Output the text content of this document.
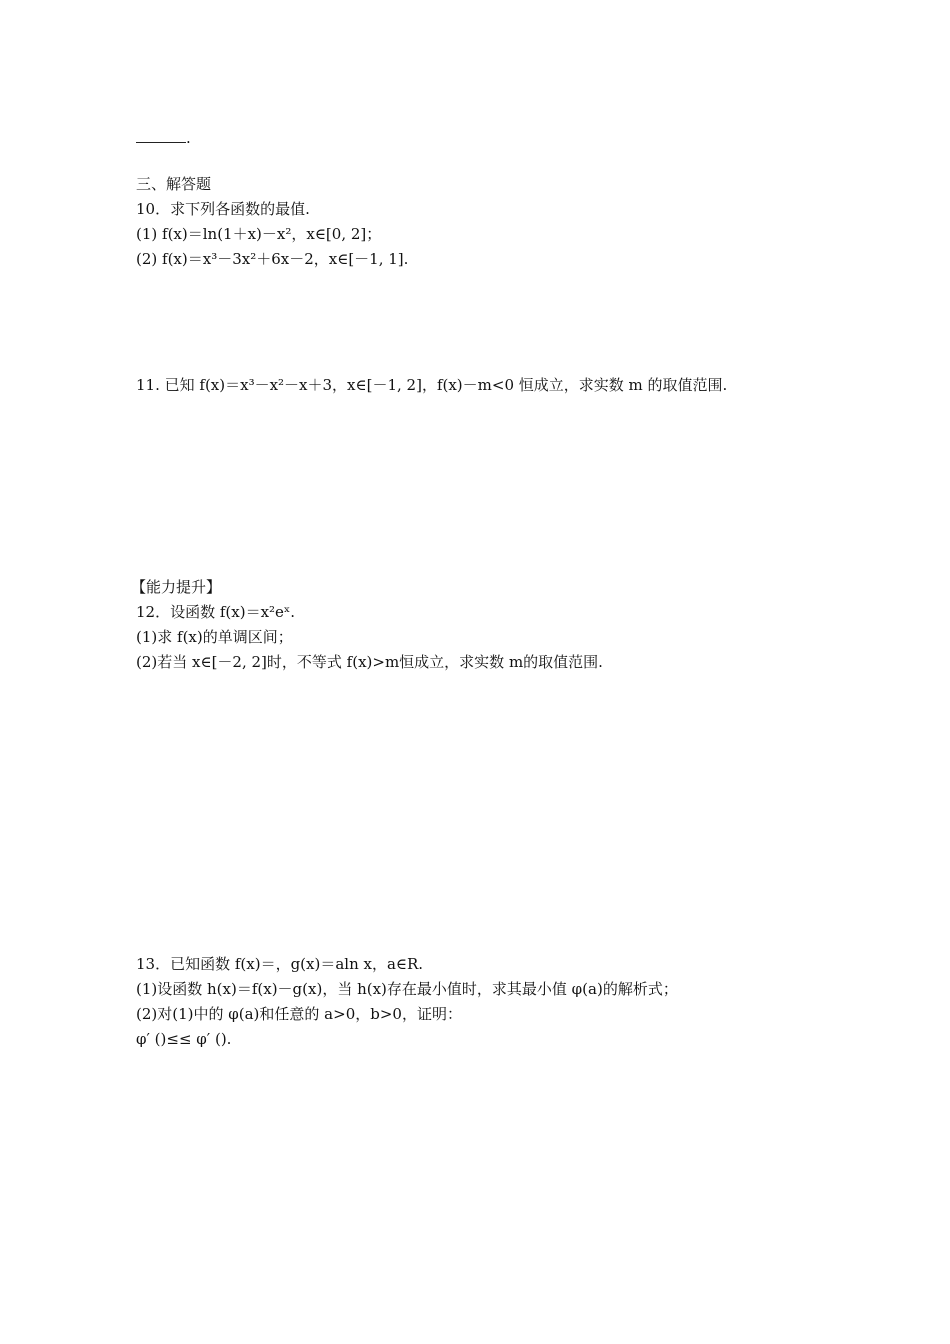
.
三、解答题
10．求下列各函数的最值.
(1) f(x)＝ln(1＋x)－x²，x∈[0, 2]；
(2) f(x)＝x³－3x²＋6x－2，x∈[－1, 1].
11. 已知 f(x)＝x³－x²－x＋3，x∈[－1, 2]，f(x)－m<0 恒成立，求实数 m 的取值范围.
【能力提升】
12．设函数 f(x)＝x²eˣ.
(1)求 f(x)的单调区间；
(2)若当 x∈[－2, 2]时，不等式 f(x)>m恒成立，求实数 m的取值范围.
13．已知函数 f(x)＝，g(x)＝aln x，a∈R.
(1)设函数 h(x)＝f(x)－g(x)，当 h(x)存在最小值时，求其最小值 φ(a)的解析式；
(2)对(1)中的 φ(a)和任意的 a>0，b>0，证明：
φ′ ()≤≤ φ′ ().
